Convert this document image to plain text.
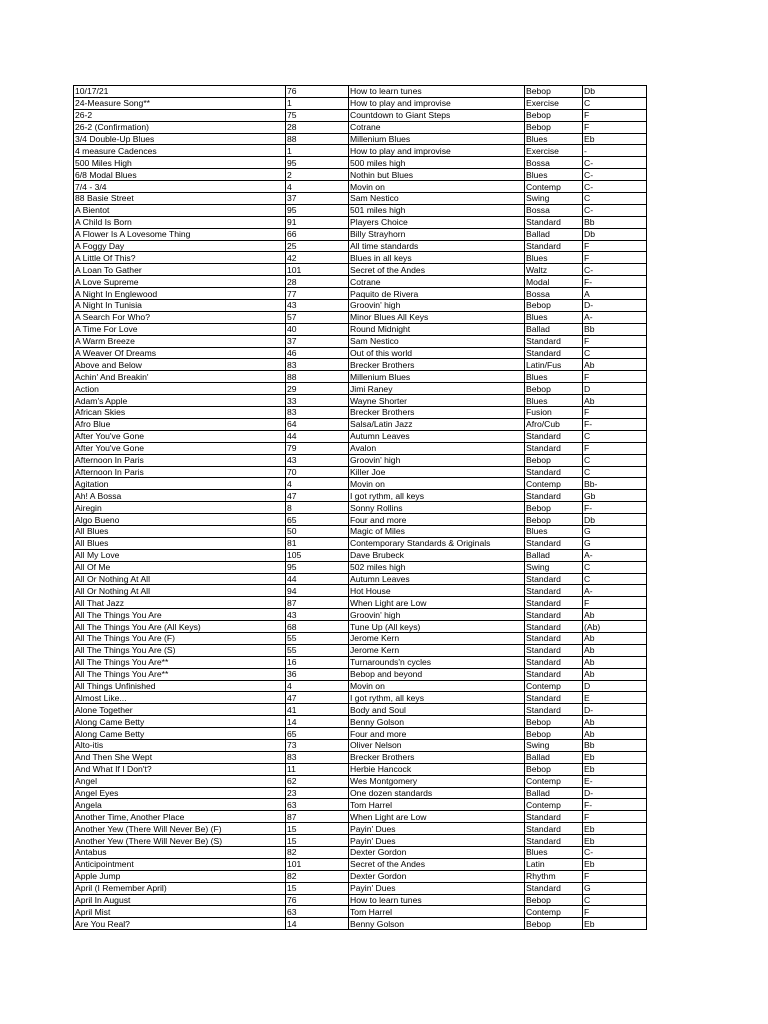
10/17/21	76	How to learn tunes	Bebop	Db
24-Measure Song**	1	How to play and improvise	Exercise	C
26-2	75	Countdown to Giant Steps	Bebop	F
26-2 (Confirmation)	28	Cotrane	Bebop	F
3/4 Double-Up Blues	88	Millenium Blues	Blues	Eb
4 measure Cadences	1	How to play and improvise	Exercise	-
500 Miles High	95	500 miles high	Bossa	C-
6/8 Modal Blues	2	Nothin but Blues	Blues	C-
7/4 - 3/4	4	Movin on	Contemp	C-
88 Basie Street	37	Sam Nestico	Swing	C
A Bientot	95	501 miles high	Bossa	C-
A Child Is Born	91	Players Choice	Standard	Bb
A Flower Is A Lovesome Thing	66	Billy Strayhorn	Ballad	Db
A Foggy Day	25	All time standards	Standard	F
A Little Of This?	42	Blues in all keys	Blues	F
A Loan To Gather	101	Secret of the Andes	Waltz	C-
A Love Supreme	28	Cotrane	Modal	F-
A Night In Englewood	77	Paquito de Rivera	Bossa	A
A Night In Tunisia	43	Groovin' high	Bebop	D-
A Search For Who?	57	Minor Blues All Keys	Blues	A-
A Time For Love	40	Round Midnight	Ballad	Bb
A Warm Breeze	37	Sam Nestico	Standard	F
A Weaver Of Dreams	46	Out of this world	Standard	C
Above and Below	83	Brecker Brothers	Latin/Fus	Ab
Achin' And Breakin'	88	Millenium Blues	Blues	F
Action	29	Jimi Raney	Bebop	D
Adam's Apple	33	Wayne Shorter	Blues	Ab
African Skies	83	Brecker Brothers	Fusion	F
Afro Blue	64	Salsa/Latin Jazz	Afro/Cub	F-
After You've Gone	44	Autumn Leaves	Standard	C
After You've Gone	79	Avalon	Standard	F
Afternoon In Paris	43	Groovin' high	Bebop	C
Afternoon In Paris	70	Killer Joe	Standard	C
Agitation	4	Movin on	Contemp	Bb-
Ah! A Bossa	47	I got rythm, all keys	Standard	Gb
Airegin	8	Sonny Rollins	Bebop	F-
Algo Bueno	65	Four and more	Bebop	Db
All Blues	50	Magic of Miles	Blues	G
All Blues	81	Contemporary Standards & Originals	Standard	G
All My Love	105	Dave Brubeck	Ballad	A-
All Of Me	95	502 miles high	Swing	C
All Or Nothing At All	44	Autumn Leaves	Standard	C
All Or Nothing At All	94	Hot House	Standard	A-
All That Jazz	87	When Light are Low	Standard	F
All The Things You Are	43	Groovin' high	Standard	Ab
All The Things You Are (All Keys)	68	Tune Up (All keys)	Standard	(Ab)
All The Things You Are (F)	55	Jerome Kern	Standard	Ab
All The Things You Are (S)	55	Jerome Kern	Standard	Ab
All The Things You Are**	16	Turnarounds'n cycles	Standard	Ab
All The Things You Are**	36	Bebop and beyond	Standard	Ab
All Things Unfinished	4	Movin on	Contemp	D
Almost Like...	47	I got rythm, all keys	Standard	E
Alone Together	41	Body and Soul	Standard	D-
Along Came Betty	14	Benny Golson	Bebop	Ab
Along Came Betty	65	Four and more	Bebop	Ab
Alto-itis	73	Oliver Nelson	Swing	Bb
And Then She Wept	83	Brecker Brothers	Ballad	Eb
And What If I Don't?	11	Herbie Hancock	Bebop	Eb
Angel	62	Wes Montgomery	Contemp	E-
Angel Eyes	23	One dozen standards	Ballad	D-
Angela	63	Tom Harrel	Contemp	F-
Another Time, Another Place	87	When Light are Low	Standard	F
Another Yew (There Will Never Be) (F)	15	Payin' Dues	Standard	Eb
Another Yew (There Will Never Be) (S)	15	Payin' Dues	Standard	Eb
Antabus	82	Dexter Gordon	Blues	C-
Anticipointment	101	Secret of the Andes	Latin	Eb
Apple Jump	82	Dexter Gordon	Rhythm	F
April (I Remember April)	15	Payin' Dues	Standard	G
April In August	76	How to learn tunes	Bebop	C
April Mist	63	Tom Harrel	Contemp	F
Are You Real?	14	Benny Golson	Bebop	Eb
